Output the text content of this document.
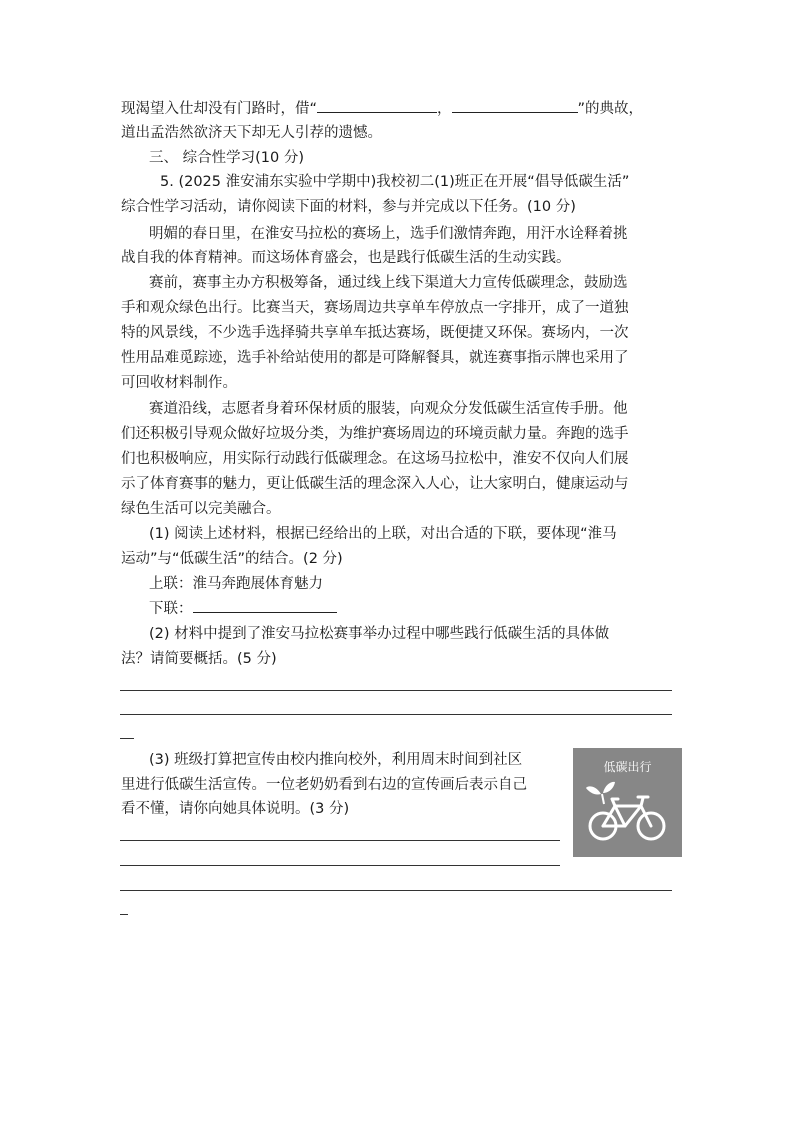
现渴望入仕却没有门路时，借“	，	”的典故，
道出孟浩然欲济天下却无人引荐的遗憾。
三、 综合性学习(10 分)
5. (2025 淮安浦东实验中学期中)我校初二(1)班正在开展“倡导低碳生活”
综合性学习活动，请你阅读下面的材料，参与并完成以下任务。(10 分)
明媚的春日里，在淮安马拉松的赛场上，选手们激情奔跑，用汗水诠释着挑
战自我的体育精神。而这场体育盛会，也是践行低碳生活的生动实践。
赛前，赛事主办方积极筹备，通过线上线下渠道大力宣传低碳理念，鼓励选
手和观众绿色出行。比赛当天，赛场周边共享单车停放点一字排开，成了一道独
特的风景线，不少选手选择骑共享单车抵达赛场，既便捷又环保。赛场内，一次
性用品难觅踪迹，选手补给站使用的都是可降解餐具，就连赛事指示牌也采用了
可回收材料制作。
赛道沿线，志愿者身着环保材质的服装，向观众分发低碳生活宣传手册。他
们还积极引导观众做好垃圾分类，为维护赛场周边的环境贡献力量。奔跑的选手
们也积极响应，用实际行动践行低碳理念。在这场马拉松中，淮安不仅向人们展
示了体育赛事的魅力，更让低碳生活的理念深入人心，让大家明白，健康运动与
绿色生活可以完美融合。
(1) 阅读上述材料，根据已经给出的上联，对出合适的下联，要体现“淮马
运动”与“低碳生活”的结合。(2 分)
上联：淮马奔跑展体育魅力
下联：
(2) 材料中提到了淮安马拉松赛事举办过程中哪些践行低碳生活的具体做
法？请简要概括。(5 分)
(3) 班级打算把宣传由校内推向校外，利用周末时间到社区
里进行低碳生活宣传。一位老奶奶看到右边的宣传画后表示自己
看不懂，请你向她具体说明。(3 分)
低碳出行
